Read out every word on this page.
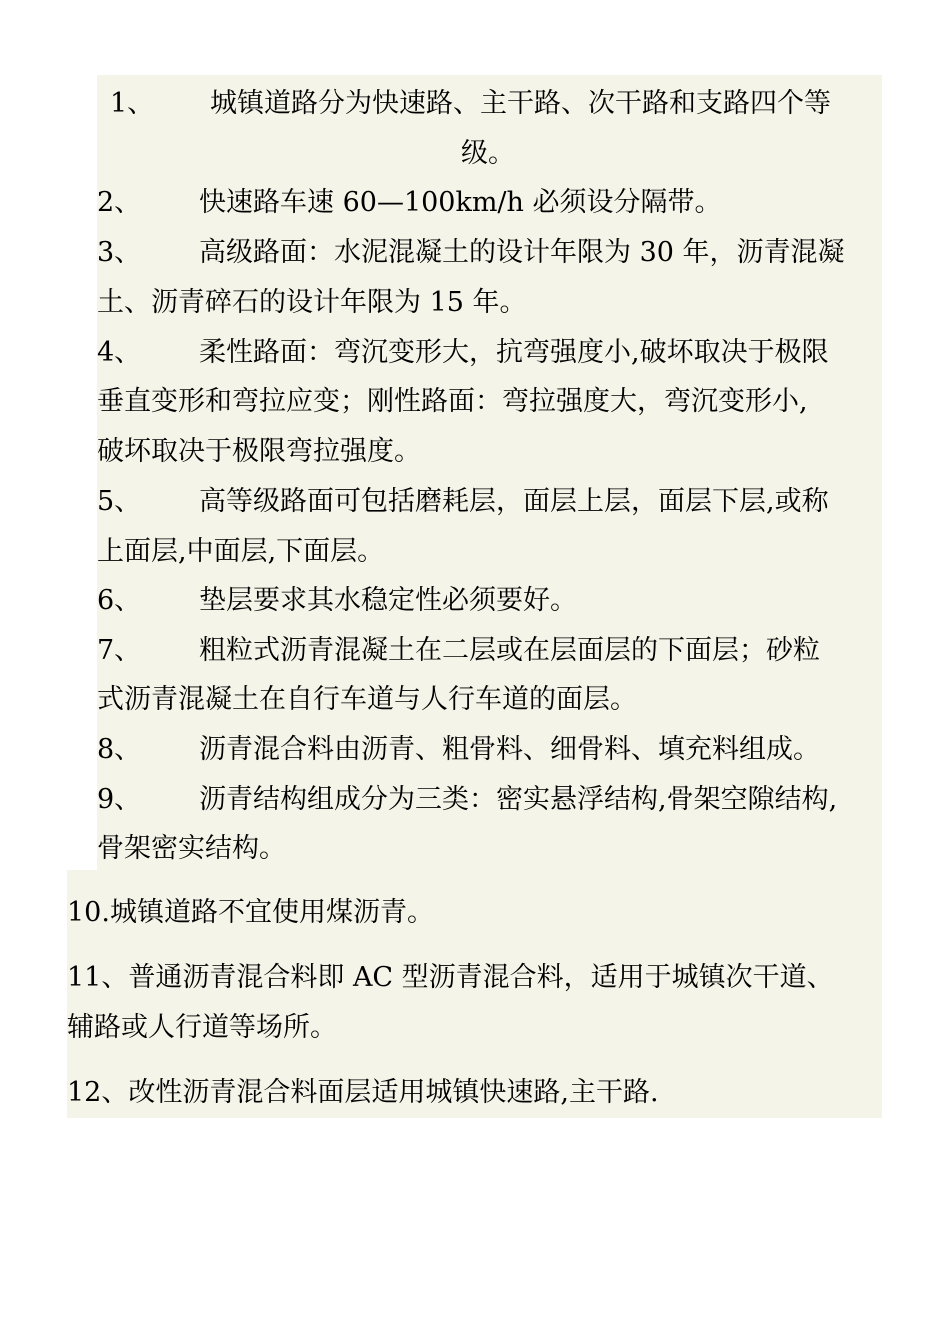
1、 城镇道路分为快速路、主干路、次干路和支路四个等
级。
2、 快速路车速 60—100km/h 必须设分隔带。
3、 高级路面：水泥混凝土的设计年限为 30 年，沥青混凝
土、沥青碎石的设计年限为 15 年。
4、 柔性路面：弯沉变形大，抗弯强度小,破坏取决于极限
垂直变形和弯拉应变；刚性路面：弯拉强度大，弯沉变形小,
破坏取决于极限弯拉强度。
5、 高等级路面可包括磨耗层，面层上层，面层下层,或称
上面层,中面层,下面层。
6、 垫层要求其水稳定性必须要好。
7、 粗粒式沥青混凝土在二层或在层面层的下面层；砂粒
式沥青混凝土在自行车道与人行车道的面层。
8、 沥青混合料由沥青、粗骨料、细骨料、填充料组成。
9、 沥青结构组成分为三类：密实悬浮结构,骨架空隙结构,
骨架密实结构。
10.城镇道路不宜使用煤沥青。
11、普通沥青混合料即 AC 型沥青混合料，适用于城镇次干道、
辅路或人行道等场所。
12、改性沥青混合料面层适用城镇快速路,主干路.
